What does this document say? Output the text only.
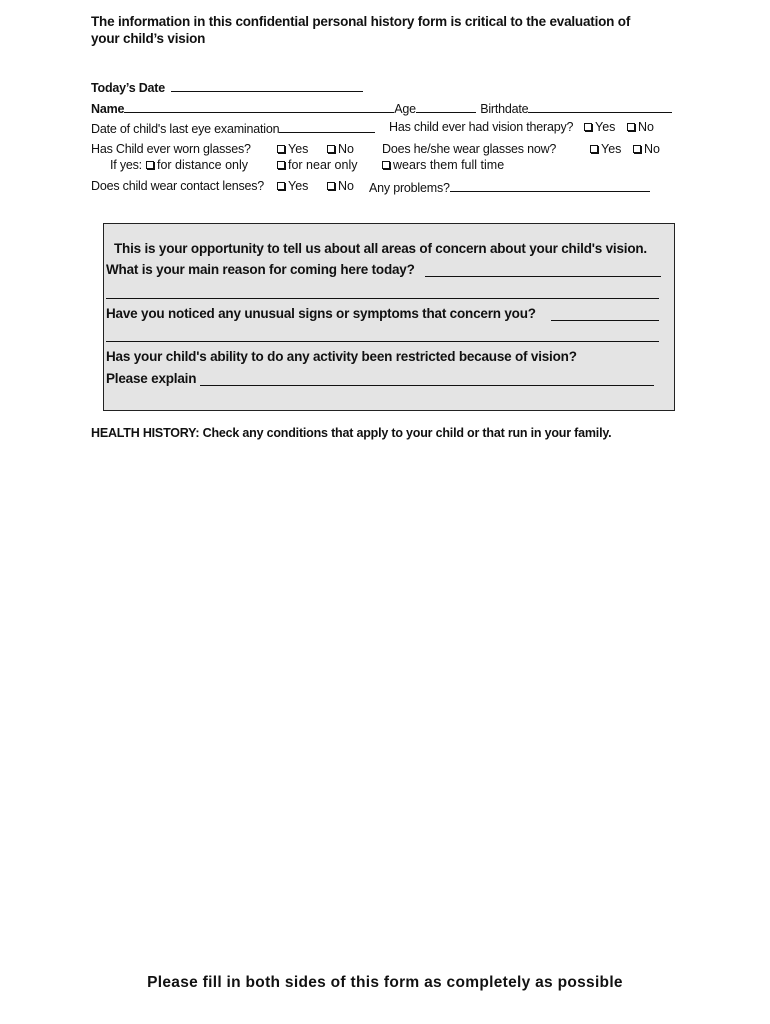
The information in this confidential personal history form is critical to the evaluation of
your child’s vision
Today’s Date
Name	Age	Birthdate
Date of child's last eye examination	Has child ever had vision therapy?	Yes	No
Has Child ever worn glasses?	Yes	No Does he/she wear glasses now?	Yes	No
If yes:	for distance only	for near only	wears them full time
Does child wear contact lenses?	Yes	No Any problems?
This is your opportunity to tell us about all areas of concern about your child's vision.
What is your main reason for coming here today?
Have you noticed any unusual signs or symptoms that concern you?
Has your child's ability to do any activity been restricted because of vision?
Please explain
HEALTH HISTORY: Check any conditions that apply to your child or that run in your family.
Please fill in both sides of this form as completely as possible
